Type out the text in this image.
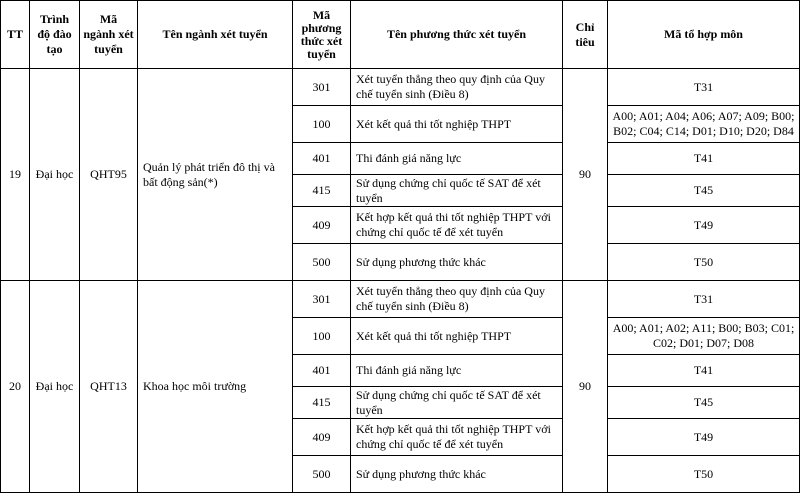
TT	Trình độ đào tạo	Mã ngành xét tuyển	Tên ngành xét tuyển	Mã phương thức xét tuyển	Tên phương thức xét tuyển	Chỉ tiêu	Mã tổ hợp môn
19	Đại học	QHT95	Quản lý phát triển đô thị và bất động sản(*)	301	Xét tuyển thẳng theo quy định của Quy chế tuyển sinh (Điều 8)	90	T31
				100	Xét kết quả thi tốt nghiệp THPT		A00; A01; A04; A06; A07; A09; B00; B02; C04; C14; D01; D10; D20; D84
				401	Thi đánh giá năng lực		T41
				415	Sử dụng chứng chỉ quốc tế SAT để xét tuyển		T45
				409	Kết hợp kết quả thi tốt nghiệp THPT với chứng chỉ quốc tế để xét tuyển		T49
				500	Sử dụng phương thức khác		T50
20	Đại học	QHT13	Khoa học môi trường	301	Xét tuyển thẳng theo quy định của Quy chế tuyển sinh (Điều 8)	90	T31
				100	Xét kết quả thi tốt nghiệp THPT		A00; A01; A02; A11; B00; B03; C01; C02; D01; D07; D08
				401	Thi đánh giá năng lực		T41
				415	Sử dụng chứng chỉ quốc tế SAT để xét tuyển		T45
				409	Kết hợp kết quả thi tốt nghiệp THPT với chứng chỉ quốc tế để xét tuyển		T49
				500	Sử dụng phương thức khác		T50
